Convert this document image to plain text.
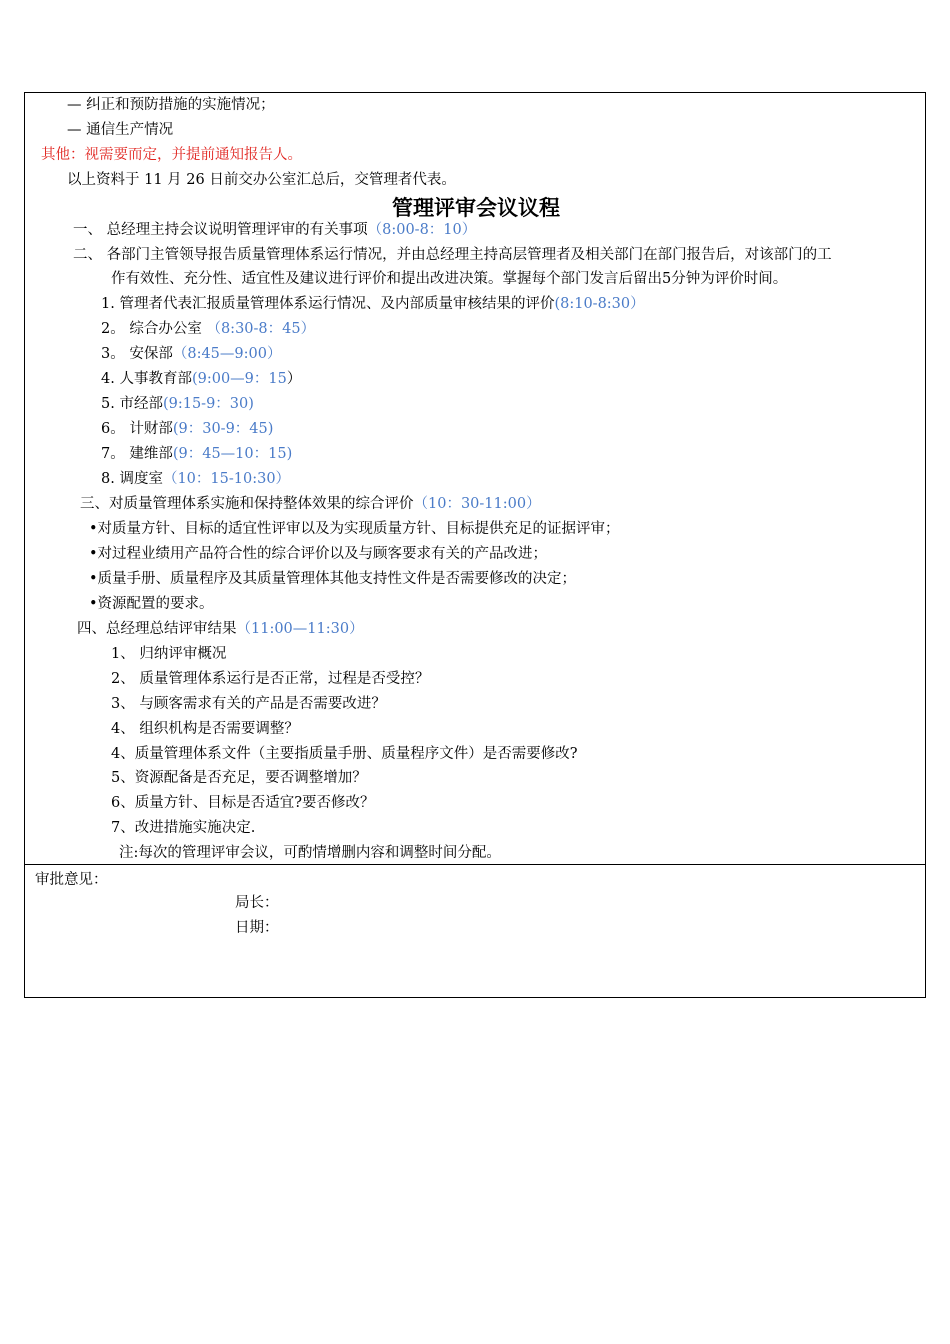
— 纠正和预防措施的实施情况；
— 通信生产情况
其他：视需要而定，并提前通知报告人。
以上资料于 11 月 26 日前交办公室汇总后，交管理者代表。
管理评审会议议程
一、 总经理主持会议说明管理评审的有关事项（8:00-8：10）
二、 各部门主管领导报告质量管理体系运行情况，并由总经理主持高层管理者及相关部门在部门报告后，对该部门的工
作有效性、充分性、适宜性及建议进行评价和提出改进决策。掌握每个部门发言后留出5分钟为评价时间。
1. 管理者代表汇报质量管理体系运行情况、及内部质量审核结果的评价(8:10-8:30）
2。 综合办公室 （8:30-8：45）
3。 安保部（8:45—9:00）
4. 人事教育部(9:00—9：15）
5. 市经部(9:15-9：30)
6。 计财部(9：30-9：45)
7。 建维部(9：45—10：15)
8. 调度室（10：15-10:30）
三、对质量管理体系实施和保持整体效果的综合评价（10：30-11:00）
•对质量方针、目标的适宜性评审以及为实现质量方针、目标提供充足的证据评审；
•对过程业绩用产品符合性的综合评价以及与顾客要求有关的产品改进；
•质量手册、质量程序及其质量管理体其他支持性文件是否需要修改的决定；
•资源配置的要求。
四、总经理总结评审结果（11:00—11:30）
1、 归纳评审概况
2、 质量管理体系运行是否正常，过程是否受控？
3、 与顾客需求有关的产品是否需要改进？
4、 组织机构是否需要调整？
4、质量管理体系文件（主要指质量手册、质量程序文件）是否需要修改?
5、资源配备是否充足，要否调整增加？
6、质量方针、目标是否适宜?要否修改？
7、改进措施实施决定.
注:每次的管理评审会议，可酌情增删内容和调整时间分配。
审批意见：
局长：
日期：
